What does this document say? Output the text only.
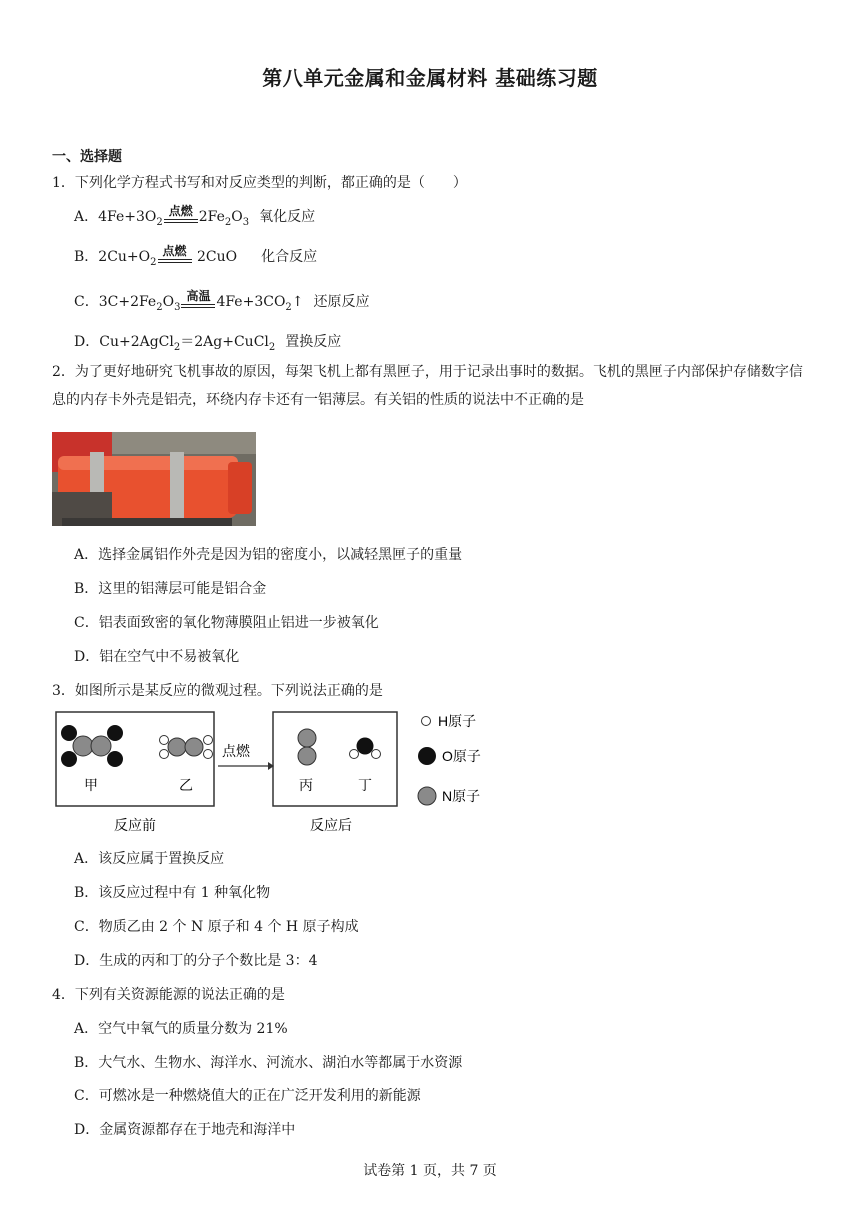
第八单元金属和金属材料 基础练习题
一、选择题
1．下列化学方程式书写和对反应类型的判断，都正确的是（　　）
A．$4Fe+3O_2$
点燃 $2Fe_2O_3$ 氧化反应
B．$2Cu+O_2$
点燃 2CuO 化合反应
C．$3C+2Fe_2O_3$
高温 $4Fe+3CO_2↑$ 还原反应
D．Cu+2AgCl$_2$＝2Ag+CuCl$_2$ 置换反应
2．为了更好地研究飞机事故的原因，每架飞机上都有黑匣子，用于记录出事时的数据。飞机的黑匣子内部保护存储数字信息的内存卡外壳是铝壳，环绕内存卡还有一铝薄层。有关铝的性质的说法中不正确的是
A．选择金属铝作外壳是因为铝的密度小，以减轻黑匣子的重量
B．这里的铝薄层可能是铝合金
C．铝表面致密的氧化物薄膜阻止铝进一步被氧化
D．铝在空气中不易被氧化
3．如图所示是某反应的微观过程。下列说法正确的是
点燃
甲	乙	丙	丁
反应前	反应后
H原子
O原子
N原子
A．该反应属于置换反应
B．该反应过程中有 1 种氧化物
C．物质乙由 2 个 N 原子和 4 个 H 原子构成
D．生成的丙和丁的分子个数比是 3：4
4．下列有关资源能源的说法正确的是
A．空气中氧气的质量分数为 21%
B．大气水、生物水、海洋水、河流水、湖泊水等都属于水资源
C．可燃冰是一种燃烧值大的正在广泛开发利用的新能源
D．金属资源都存在于地壳和海洋中
试卷第 1 页，共 7 页
